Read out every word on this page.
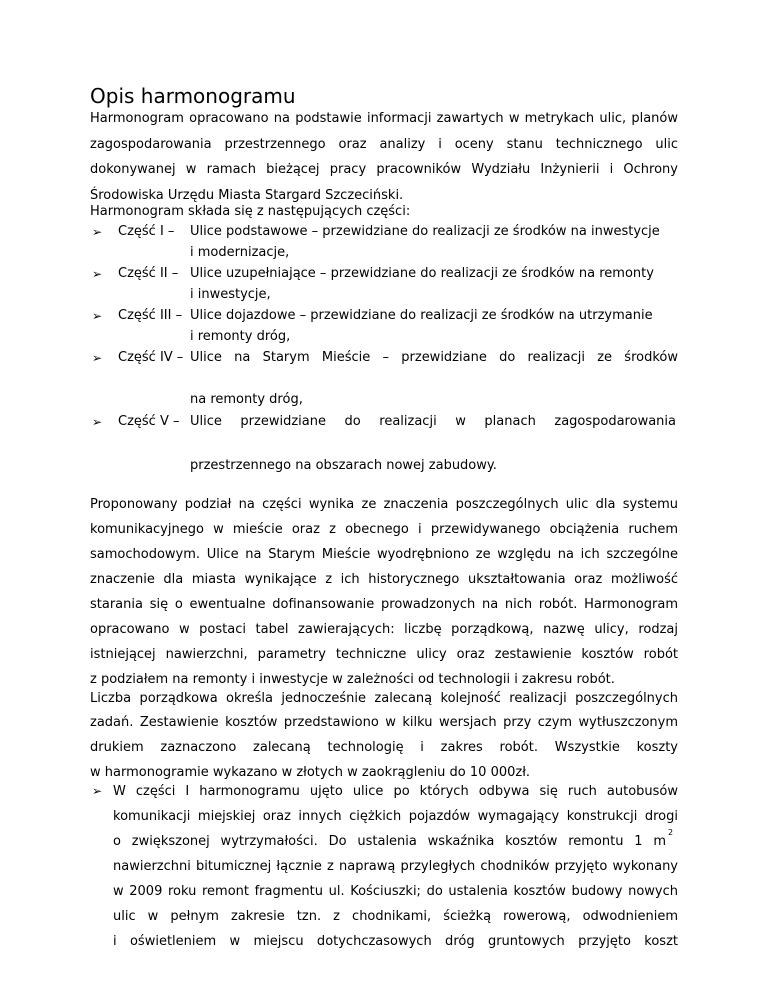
Opis harmonogramu

Harmonogram opracowano na podstawie informacji zawartych w metrykach ulic, planów

zagospodarowania przestrzennego oraz analizy i oceny stanu technicznego ulic

dokonywanej w ramach bieżącej pracy pracowników Wydziału Inżynierii i Ochrony

Środowiska Urzędu Miasta Stargard Szczeciński.

Harmonogram składa się z następujących części:

➢ Część I – Ulice podstawowe – przewidziane do realizacji ze środków na inwestycje
i modernizacje,
➢ Część II – Ulice uzupełniające – przewidziane do realizacji ze środków na remonty
i inwestycje,
➢ Część III – Ulice dojazdowe – przewidziane do realizacji ze środków na utrzymanie
i remonty dróg,
➢ Część IV – Ulice na Starym Mieście – przewidziane do realizacji ze środków
na remonty dróg,
➢ Część V – Ulice przewidziane do realizacji w planach zagospodarowania
przestrzennego na obszarach nowej zabudowy.

Proponowany podział na części wynika ze znaczenia poszczególnych ulic dla systemu

komunikacyjnego w mieście oraz z obecnego i przewidywanego obciążenia ruchem

samochodowym. Ulice na Starym Mieście wyodrębniono ze względu na ich szczególne

znaczenie dla miasta wynikające z ich historycznego ukształtowania oraz możliwość

starania się o ewentualne dofinansowanie prowadzonych na nich robót. Harmonogram

opracowano w postaci tabel zawierających: liczbę porządkową, nazwę ulicy, rodzaj

istniejącej nawierzchni, parametry techniczne ulicy oraz zestawienie kosztów robót

z podziałem na remonty i inwestycje w zależności od technologii i zakresu robót.

Liczba porządkowa określa jednocześnie zalecaną kolejność realizacji poszczególnych

zadań. Zestawienie kosztów przedstawiono w kilku wersjach przy czym wytłuszczonym

drukiem zaznaczono zalecaną technologię i zakres robót. Wszystkie koszty

w harmonogramie wykazano w złotych w zaokrągleniu do 10 000zł.

➢ W części I harmonogramu ujęto ulice po których odbywa się ruch autobusów

komunikacji miejskiej oraz innych ciężkich pojazdów wymagający konstrukcji drogi

o zwiększonej wytrzymałości. Do ustalenia wskaźnika kosztów remontu 1 m

2

nawierzchni bitumicznej łącznie z naprawą przyległych chodników przyjęto wykonany

w 2009 roku remont fragmentu ul. Kościuszki; do ustalenia kosztów budowy nowych

ulic w pełnym zakresie tzn. z chodnikami, ścieżką rowerową, odwodnieniem

i oświetleniem w miejscu dotychczasowych dróg gruntowych przyjęto koszt
